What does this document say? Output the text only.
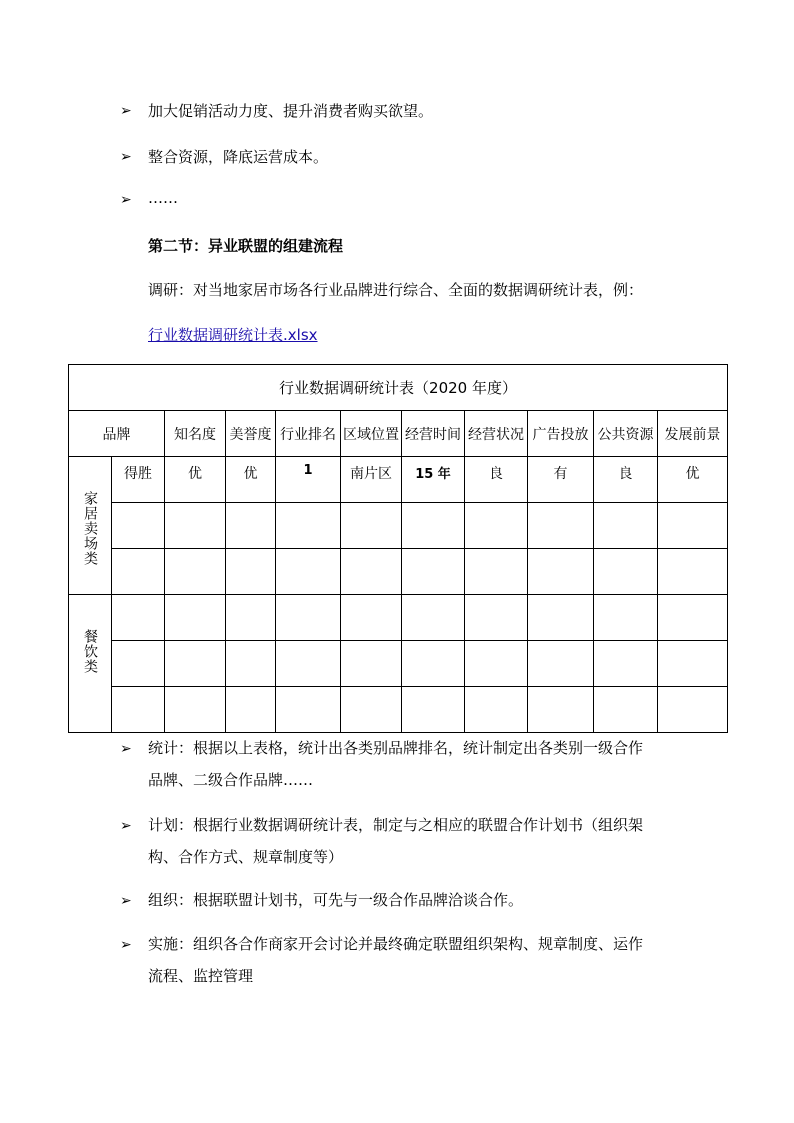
➢ 加大促销活动力度、提升消费者购买欲望。
➢ 整合资源，降底运营成本。
➢ ……
第二节：异业联盟的组建流程
调研：对当地家居市场各行业品牌进行综合、全面的数据调研统计表，例：
行业数据调研统计表.xlsx
行业数据调研统计表（2020 年度）										
品牌		知名度	美誉度	行业排名	区域位置	经营时间	经营状况	广告投放	公共资源	发展前景
家居卖场类	得胜	优	优	1	南片区	15 年	良	有	良	优

餐饮类										

➢ 统计：根据以上表格，统计出各类别品牌排名，统计制定出各类别一级合作
品牌、二级合作品牌……
➢ 计划：根据行业数据调研统计表，制定与之相应的联盟合作计划书（组织架
构、合作方式、规章制度等）
➢ 组织：根据联盟计划书，可先与一级合作品牌洽谈合作。
➢ 实施：组织各合作商家开会讨论并最终确定联盟组织架构、规章制度、运作
流程、监控管理
